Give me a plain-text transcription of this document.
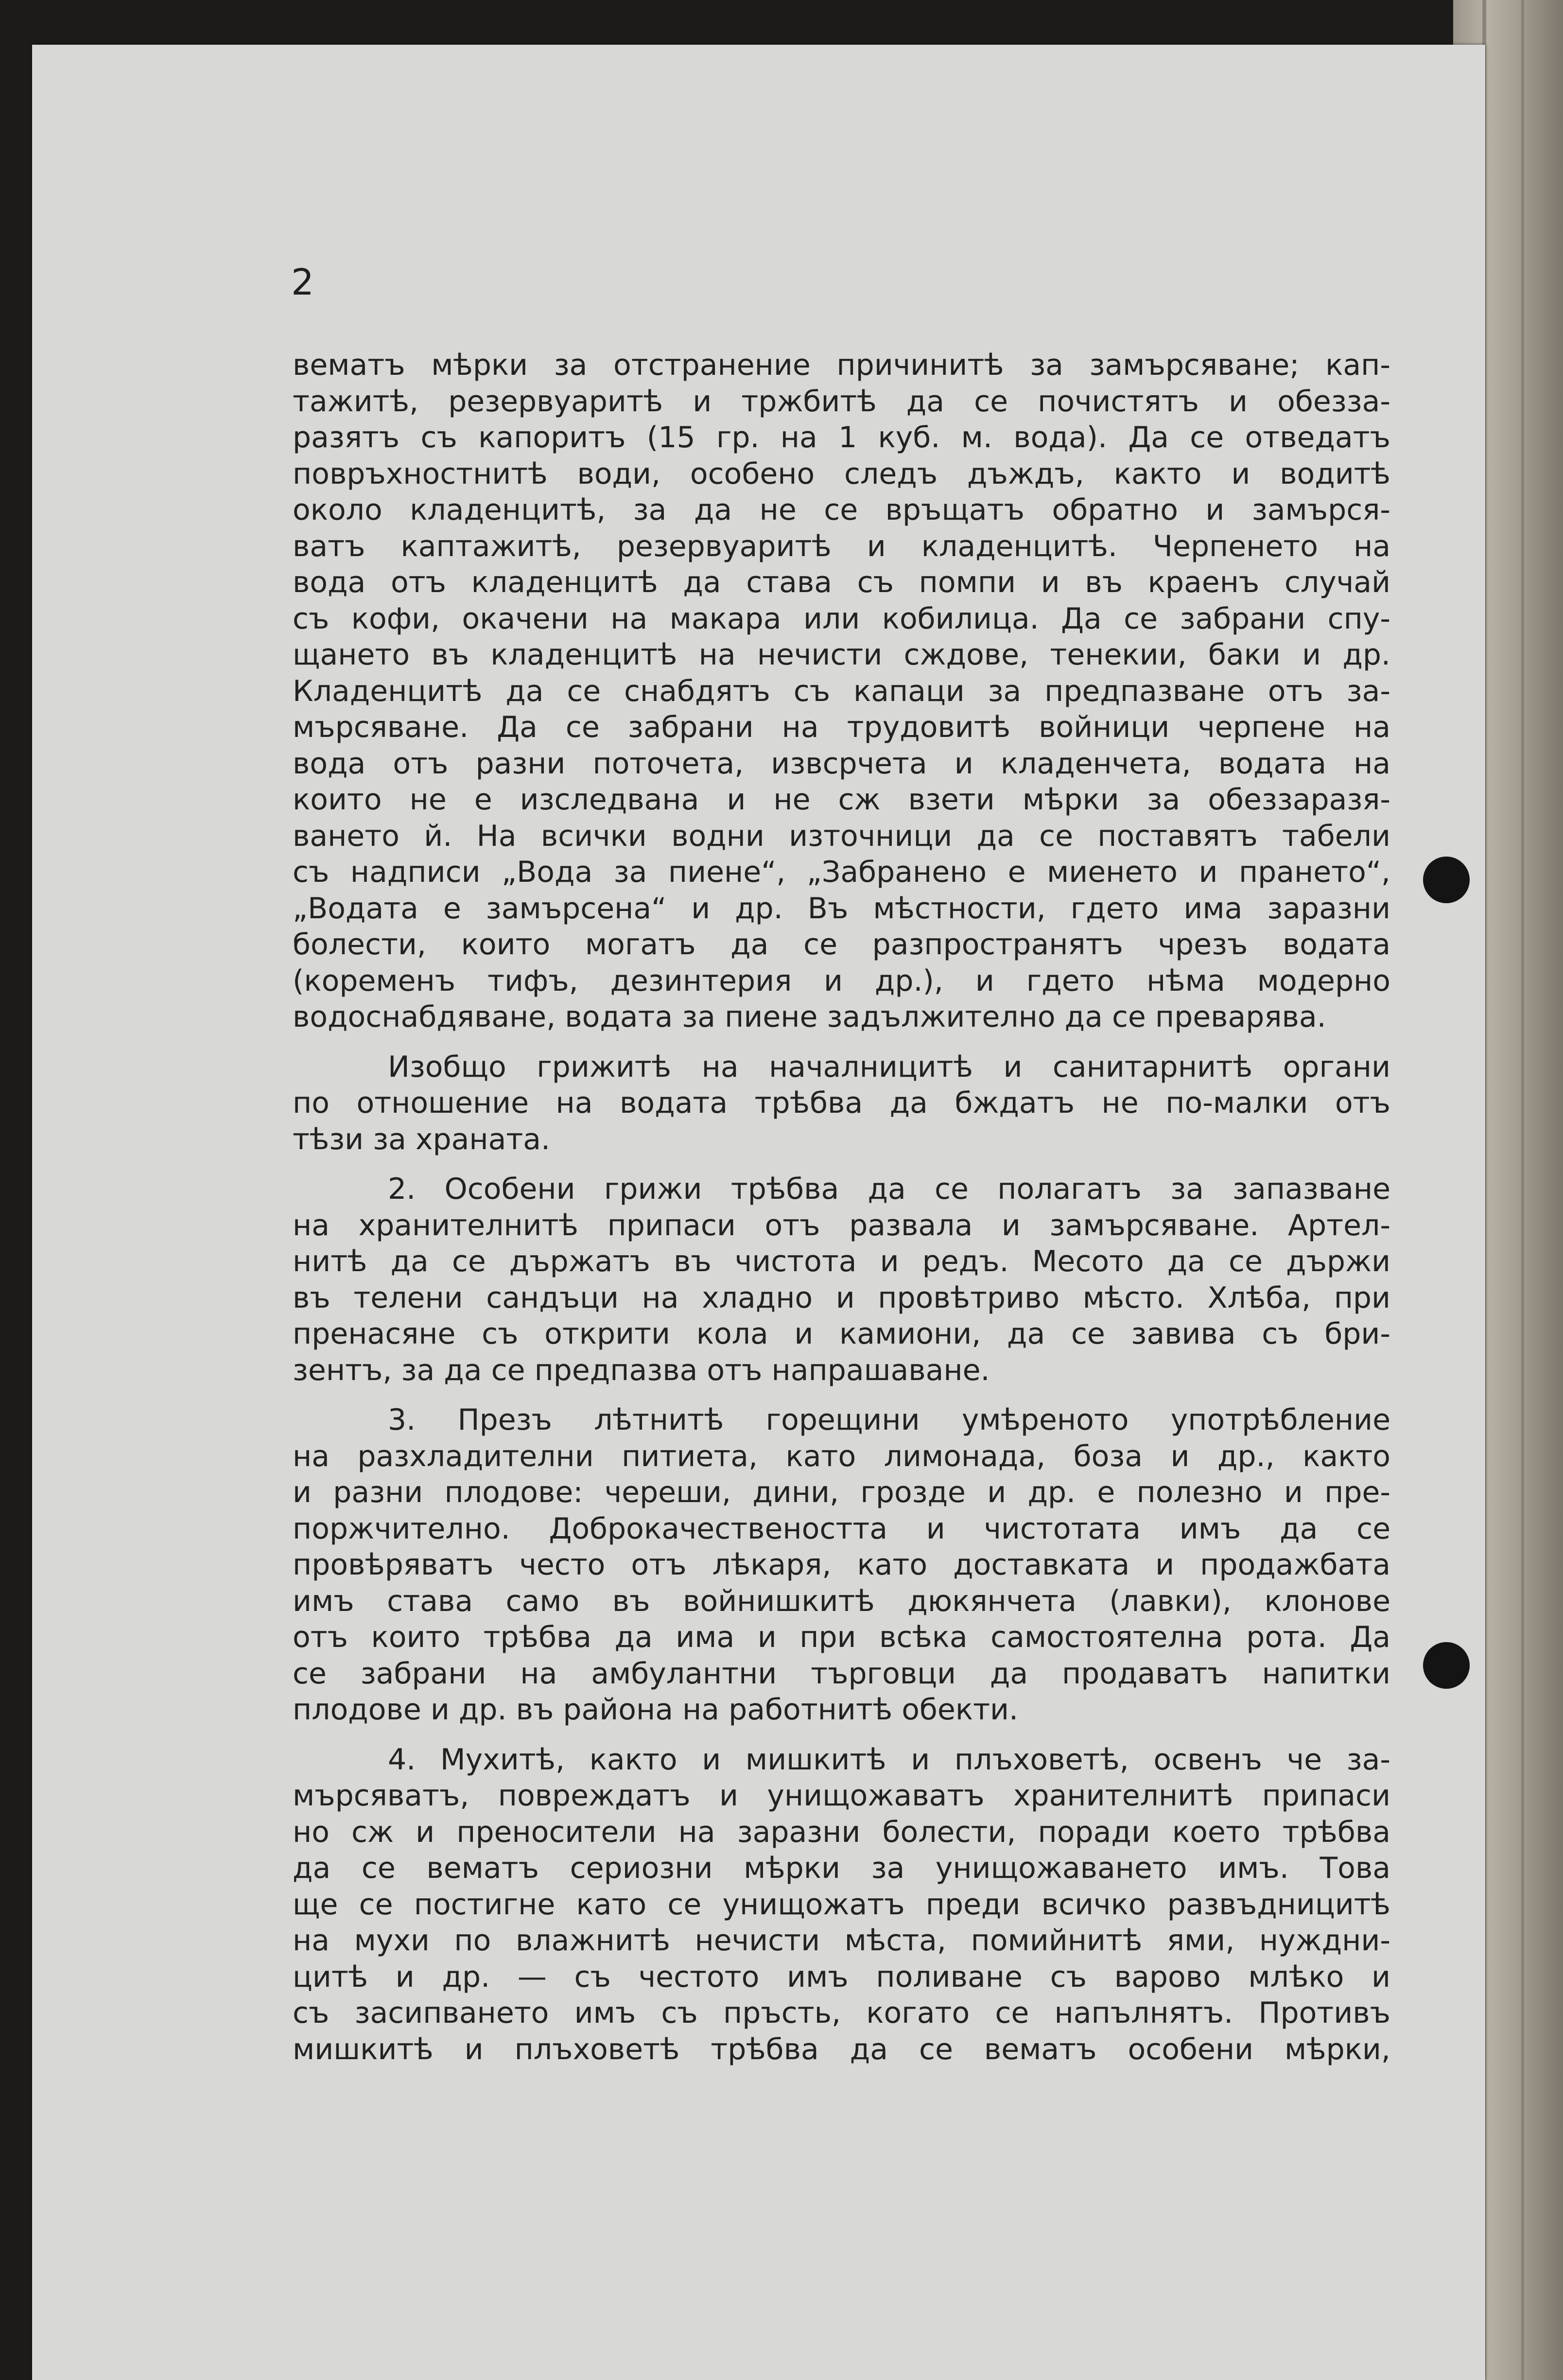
2
вематъ мѣрки за отстранение причинитѣ за замърсяване; кап-
тажитѣ, резервуаритѣ и тржбитѣ да се почистятъ и обезза-
разятъ съ капоритъ (15 гр. на 1 куб. м. вода). Да се отведатъ
повръхностнитѣ води, особено следъ дъждъ, както и водитѣ
около кладенцитѣ, за да не се връщатъ обратно и замърся-
ватъ каптажитѣ, резервуаритѣ и кладенцитѣ. Черпенето на
вода отъ кладенцитѣ да става съ помпи и въ краенъ случай
съ кофи, окачени на макара или кобилица. Да се забрани спу-
щането въ кладенцитѣ на нечисти сждове, тенекии, баки и др.
Кладенцитѣ да се снабдятъ съ капаци за предпазване отъ за-
мърсяване. Да се забрани на трудовитѣ войници черпене на
вода отъ разни поточета, извсрчета и кладенчета, водата на
които не е изследвана и не сж взети мѣрки за обеззаразя-
ването й. На всички водни източници да се поставятъ табели
съ надписи „Вода за пиене“, „Забранено е миенето и прането“,
„Водата е замърсена“ и др. Въ мѣстности, гдето има заразни
болести, които могатъ да се разпространятъ чрезъ водата
(коремeнъ тифъ, дезинтерия и др.), и гдето нѣма модерно
водоснабдяване, водата за пиене задължително да се преварява.
Изобщо грижитѣ на началницитѣ и санитарнитѣ органи
по отношение на водата трѣбва да бждатъ не по-малки отъ
тѣзи за храната.
2. Особени грижи трѣбва да се полагатъ за запазване
на хранителнитѣ припаси отъ развала и замърсяване. Артел-
нитѣ да се държатъ въ чистота и редъ. Месото да се държи
въ телени сандъци на хладно и провѣтриво мѣсто. Хлѣба, при
пренасяне съ открити кола и камиони, да се завива съ бри-
зентъ, за да се предпазва отъ напрашаване.
3. Презъ лѣтнитѣ горещини умѣреното употрѣбление
на разхладителни питиета, като лимонада, боза и др., както
и разни плодове: череши, дини, грозде и др. е полезно и пре-
поржчително. Доброкачествеността и чистотата имъ да се
провѣряватъ често отъ лѣкаря, като доставката и продажбата
имъ става само въ войнишкитѣ дюкянчета (лавки), клонове
отъ които трѣбва да има и при всѣка самостоятелна рота. Да
се забрани на амбулантни търговци да продаватъ напитки
плодове и др. въ района на работнитѣ обекти.
4. Мухитѣ, както и мишкитѣ и плъховетѣ, освенъ че за-
мърсяватъ, повреждатъ и унищожаватъ хранителнитѣ припаси
но сж и преносители на заразни болести, поради което трѣбва
да се вематъ сериозни мѣрки за унищожаването имъ. Това
ще се постигне като се унищожатъ преди всичко развъдницитѣ
на мухи по влажнитѣ нечисти мѣста, помийнитѣ ями, нуждни-
цитѣ и др. — съ честото имъ поливане съ варово млѣко и
съ засипването имъ съ пръсть, когато се напълнятъ. Противъ
мишкитѣ и плъховетѣ трѣбва да се вематъ особени мѣрки,
